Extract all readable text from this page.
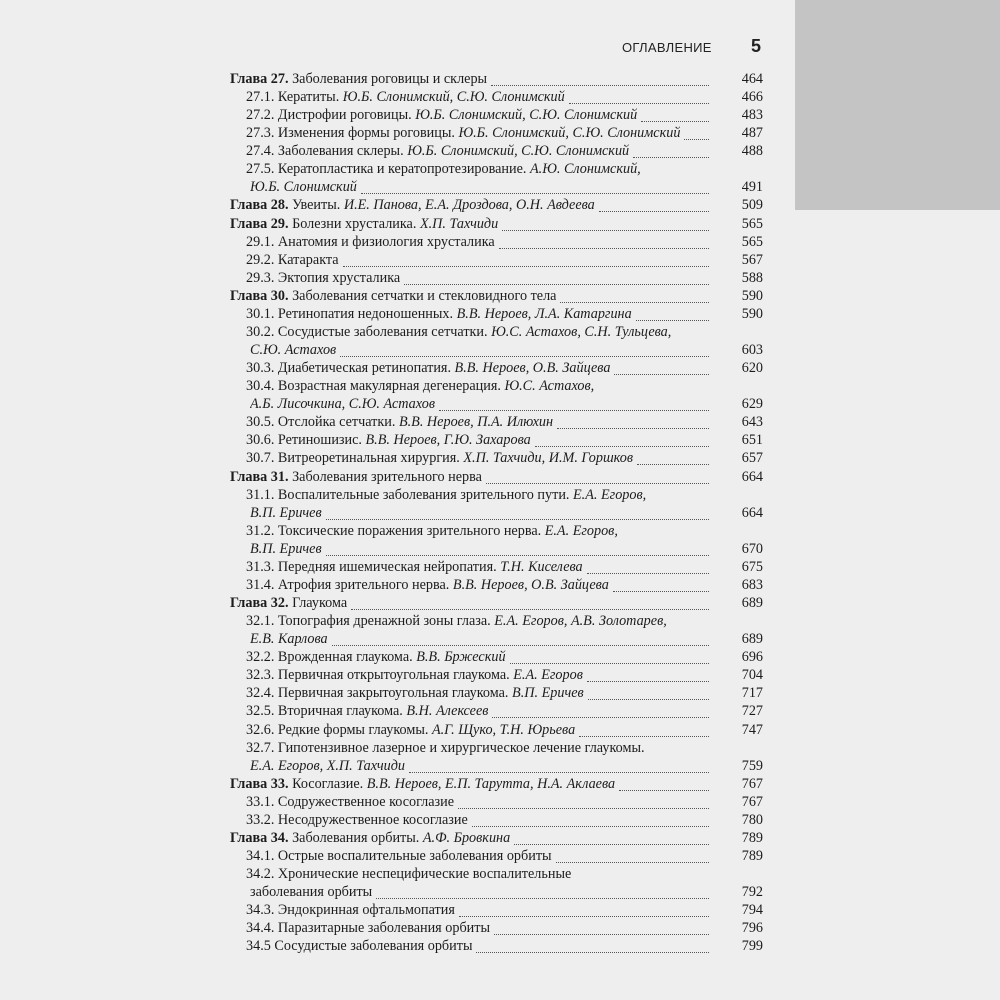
ОГЛАВЛЕНИЕ 5
Глава 27. Заболевания роговицы и склеры	464
27.1. Кератиты. Ю.Б. Слонимский, С.Ю. Слонимский	466
27.2. Дистрофии роговицы. Ю.Б. Слонимский, С.Ю. Слонимский	483
27.3. Изменения формы роговицы. Ю.Б. Слонимский, С.Ю. Слонимский	487
27.4. Заболевания склеры. Ю.Б. Слонимский, С.Ю. Слонимский	488
27.5. Кератопластика и кератопротезирование. А.Ю. Слонимский,
Ю.Б. Слонимский	491
Глава 28. Увеиты. И.Е. Панова, Е.А. Дроздова, О.Н. Авдеева	509
Глава 29. Болезни хрусталика. Х.П. Тахчиди	565
29.1. Анатомия и физиология хрусталика	565
29.2. Катаракта	567
29.3. Эктопия хрусталика	588
Глава 30. Заболевания сетчатки и стекловидного тела	590
30.1. Ретинопатия недоношенных. В.В. Нероев, Л.А. Катаргина	590
30.2. Сосудистые заболевания сетчатки. Ю.С. Астахов, С.Н. Тульцева,
С.Ю. Астахов	603
30.3. Диабетическая ретинопатия. В.В. Нероев, О.В. Зайцева	620
30.4. Возрастная макулярная дегенерация. Ю.С. Астахов,
А.Б. Лисочкина, С.Ю. Астахов	629
30.5. Отслойка сетчатки. В.В. Нероев, П.А. Илюхин	643
30.6. Ретиношизис. В.В. Нероев, Г.Ю. Захарова	651
30.7. Витреоретинальная хирургия. Х.П. Тахчиди, И.М. Горшков	657
Глава 31. Заболевания зрительного нерва	664
31.1. Воспалительные заболевания зрительного пути. Е.А. Егоров,
В.П. Еричев	664
31.2. Токсические поражения зрительного нерва. Е.А. Егоров,
В.П. Еричев	670
31.3. Передняя ишемическая нейропатия. Т.Н. Киселева	675
31.4. Атрофия зрительного нерва. В.В. Нероев, О.В. Зайцева	683
Глава 32. Глаукома	689
32.1. Топография дренажной зоны глаза. Е.А. Егоров, А.В. Золотарев,
Е.В. Карлова	689
32.2. Врожденная глаукома. В.В. Бржеский	696
32.3. Первичная открытоугольная глаукома. Е.А. Егоров	704
32.4. Первичная закрытоугольная глаукома. В.П. Еричев	717
32.5. Вторичная глаукома. В.Н. Алексеев	727
32.6. Редкие формы глаукомы. А.Г. Щуко, Т.Н. Юрьева	747
32.7. Гипотензивное лазерное и хирургическое лечение глаукомы.
Е.А. Егоров, Х.П. Тахчиди	759
Глава 33. Косоглазие. В.В. Нероев, Е.П. Тарутта, Н.А. Аклаева	767
33.1. Содружественное косоглазие	767
33.2. Несодружественное косоглазие	780
Глава 34. Заболевания орбиты. А.Ф. Бровкина	789
34.1. Острые воспалительные заболевания орбиты	789
34.2. Хронические неспецифические воспалительные
заболевания орбиты	792
34.3. Эндокринная офтальмопатия	794
34.4. Паразитарные заболевания орбиты	796
34.5 Сосудистые заболевания орбиты	799
